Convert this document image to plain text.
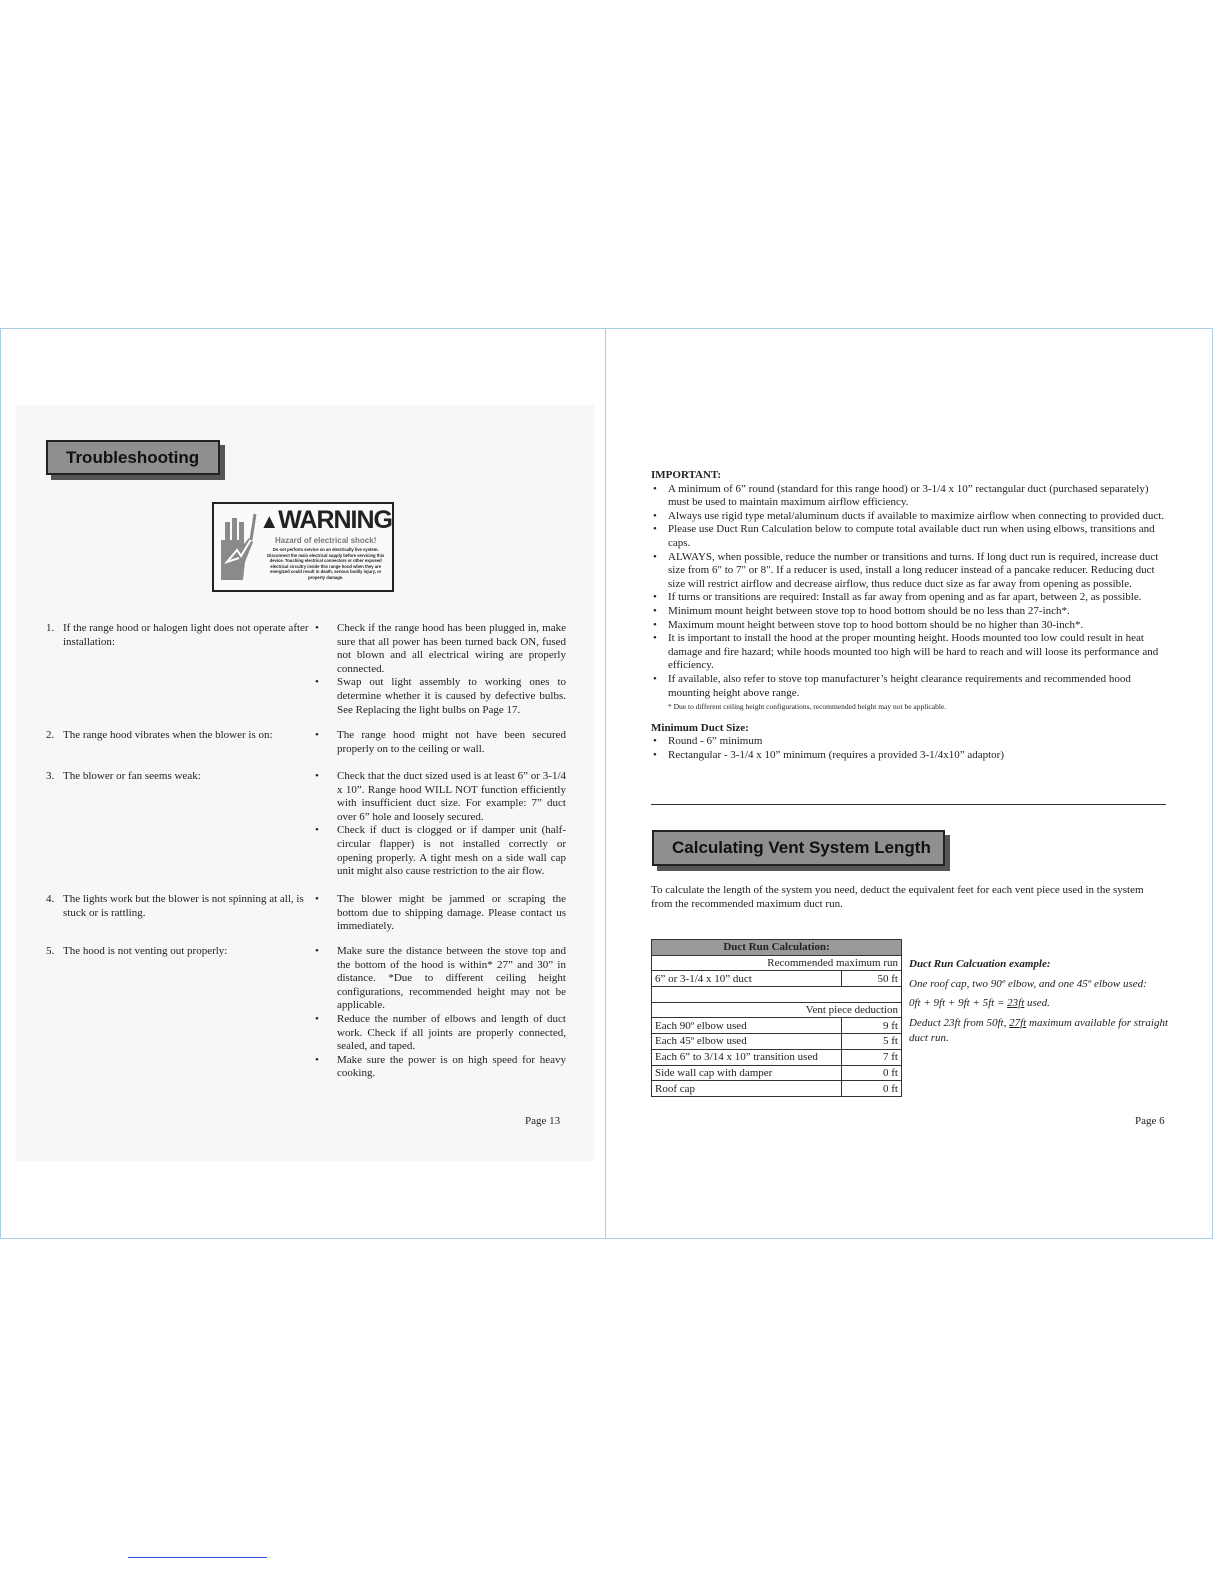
Troubleshooting
▲WARNING
Hazard of electrical shock!
Do not perform service on an electrically live system. Disconnect the main electrical supply before servicing this device. Touching electrical connectors or other exposed electrical circuitry inside this range hood when they are energized could result in death, serious bodily injury, or property damage.
1. If the range hood or halogen light does not operate after installation:
•	Check if the range hood has been plugged in, make sure that all power has been turned back ON, fused not blown and all electrical wiring are properly connected.
•	Swap out light assembly to working ones to determine whether it is caused by defective bulbs. See Replacing the light bulbs on Page 17.
2. The range hood vibrates when the blower is on:	•	The range hood might not have been secured properly on to the ceiling or wall.
3. The blower or fan seems weak:	•	Check that the duct sized used is at least 6” or 3-1/4 x 10”. Range hood WILL NOT function efficiently with insufficient duct size. For example: 7” duct over 6” hole and loosely secured.
•	Check if duct is clogged or if damper unit (half-circular flapper) is not installed correctly or opening properly. A tight mesh on a side wall cap unit might also cause restriction to the air flow.
4. The lights work but the blower is not spinning at all, is stuck or is rattling.
•	The blower might be jammed or scraping the bottom due to shipping damage. Please contact us immediately.
5. The hood is not venting out properly:	•	Make sure the distance between the stove top and the bottom of the hood is within* 27” and 30” in distance. *Due to different ceiling height configurations, recommended height may not be applicable.
•	Reduce the number of elbows and length of duct work. Check if all joints are properly connected, sealed, and taped.
•	Make sure the power is on high speed for heavy cooking.
Page 13
IMPORTANT:
•	A minimum of 6” round (standard for this range hood) or 3-1/4 x 10” rectangular duct (purchased separately) must be used to maintain maximum airflow efficiency.
•	Always use rigid type metal/aluminum ducts if available to maximize airflow when connecting to provided duct.
•	Please use Duct Run Calculation below to compute total available duct run when using elbows, transitions and caps.
•	ALWAYS, when possible, reduce the number or transitions and turns. If long duct run is required, increase duct size from 6" to 7" or 8". If a reducer is used, install a long reducer instead of a pancake reducer. Reducing duct size will restrict airflow and decrease airflow, thus reduce duct size as far away from opening as possible.
•	If turns or transitions are required: Install as far away from opening and as far apart, between 2, as possible.
•	Minimum mount height between stove top to hood bottom should be no less than 27-inch*.
•	Maximum mount height between stove top to hood bottom should be no higher than 30-inch*.
•	It is important to install the hood at the proper mounting height. Hoods mounted too low could result in heat damage and fire hazard; while hoods mounted too high will be hard to reach and will loose its performance and efficiency.
•	If available, also refer to stove top manufacturer’s height clearance requirements and recommended hood mounting height above range.
* Due to different ceiling height configurations, recommended height may not be applicable.
Minimum Duct Size:
•	Round - 6” minimum
•	Rectangular - 3-1/4 x 10” minimum (requires a provided 3-1/4x10” adaptor)
Calculating Vent System Length
To calculate the length of the system you need, deduct the equivalent feet for each vent piece used in the system from the recommended maximum duct run.
Duct Run Calculation:	
Recommended maximum run	
6” or 3-1/4 x 10” duct	50 ft

Vent piece deduction	
Each 90º elbow used	9 ft
Each 45º elbow used	5 ft
Each 6” to 3/14 x 10” transition used	7 ft
Side wall cap with damper	0 ft
Roof cap	0 ft

Duct Run Calcuation example:

One roof cap, two 90º elbow, and one 45º elbow used:

0ft + 9ft + 9ft + 5ft = 23ft used.

Deduct 23ft from 50ft, 27ft maximum available for straight duct run.

Page 6
